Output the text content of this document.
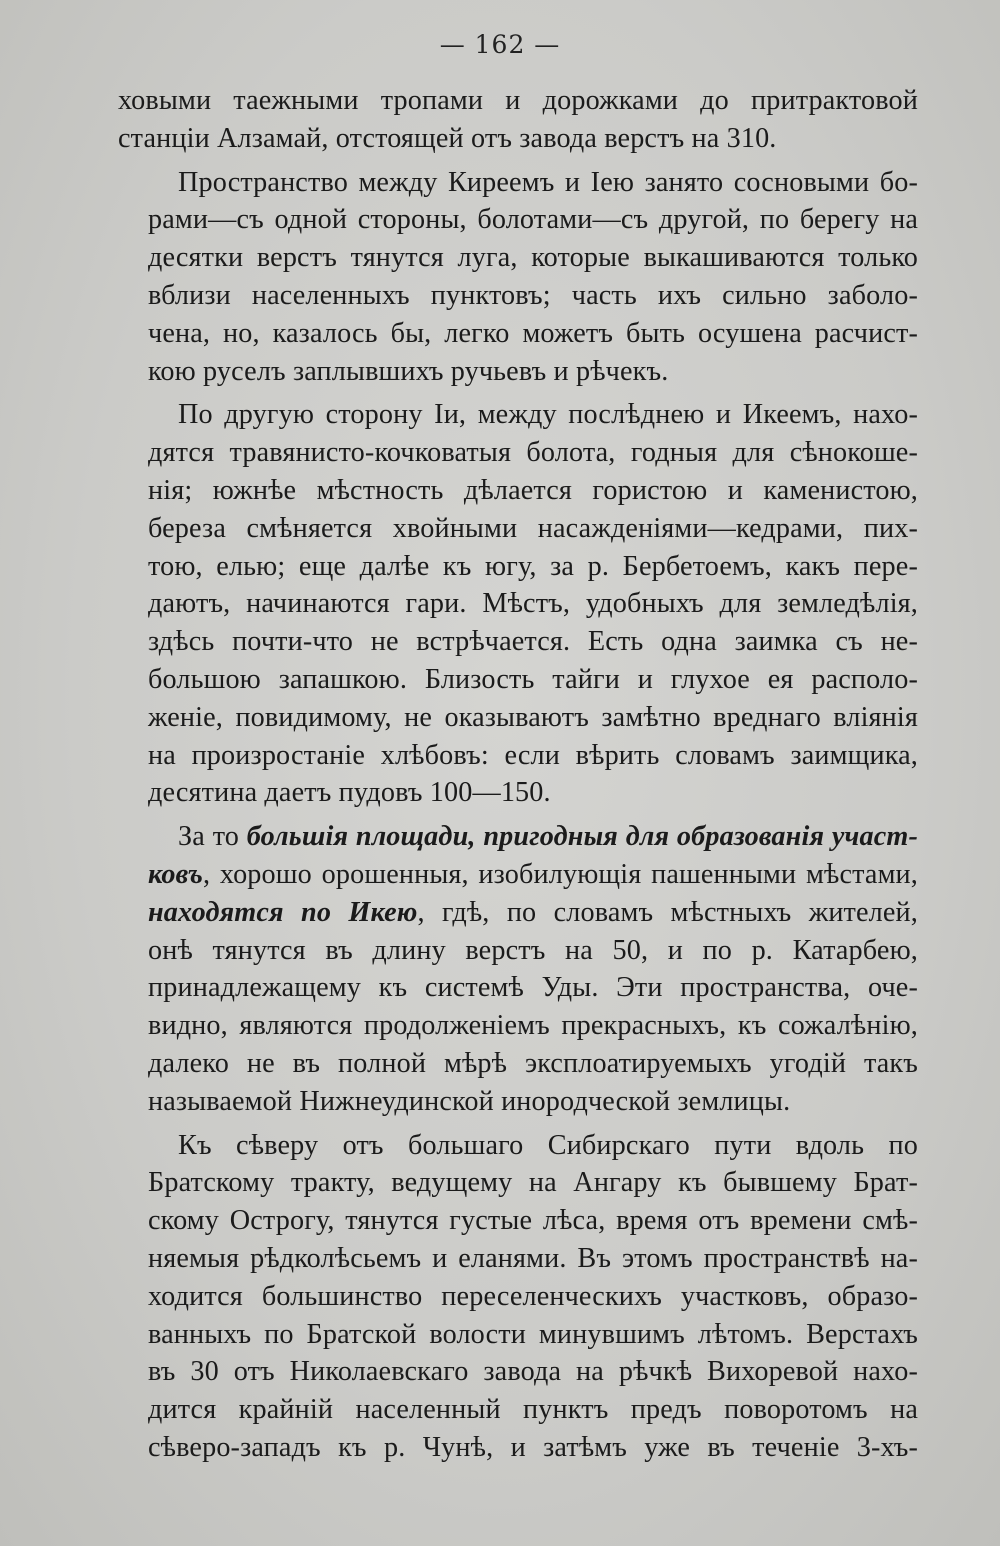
— 162 —

ховыми таежными тропами и дорожками до притрактовой
станціи Алзамай, отстоящей отъ завода верстъ на 310.

Пространство между Киреемъ и Іею занято сосновыми бо-
рами—съ одной стороны, болотами—съ другой, по берегу на
десятки верстъ тянутся луга, которые выкашиваются только
вблизи населенныхъ пунктовъ; часть ихъ сильно заболо-
чена, но, казалось бы, легко можетъ быть осушена расчист-
кою руселъ заплывшихъ ручьевъ и рѣчекъ.

По другую сторону Іи, между послѣднею и Икеемъ, нахо-
дятся травянисто-кочковатыя болота, годныя для сѣнокоше-
нія; южнѣе мѣстность дѣлается гористою и каменистою,
береза смѣняется хвойными насажденіями—кедрами, пих-
тою, елью; еще далѣе къ югу, за р. Бербетоемъ, какъ пере-
даютъ, начинаются гари. Мѣстъ, удобныхъ для земледѣлія,
здѣсь почти-что не встрѣчается. Есть одна заимка съ не-
большою запашкою. Близость тайги и глухое ея располо-
женіе, повидимому, не оказываютъ замѣтно вреднаго вліянія
на произростаніе хлѣбовъ: если вѣрить словамъ заимщика,
десятина даетъ пудовъ 100—150.

За то большія площади, пригодныя для образованія участ-
ковъ, хорошо орошенныя, изобилующія пашенными мѣстами,
находятся по Икею, гдѣ, по словамъ мѣстныхъ жителей,
онѣ тянутся въ длину верстъ на 50, и по р. Катарбею,
принадлежащему къ системѣ Уды. Эти пространства, оче-
видно, являются продолженіемъ прекрасныхъ, къ сожалѣнію,
далеко не въ полной мѣрѣ эксплоатируемыхъ угодій такъ
называемой Нижнеудинской инородческой землицы.

Къ сѣверу отъ большаго Сибирскаго пути вдоль по
Братскому тракту, ведущему на Ангару къ бывшему Брат-
скому Острогу, тянутся густые лѣса, время отъ времени смѣ-
няемыя рѣдколѣсьемъ и еланями. Въ этомъ пространствѣ на-
ходится большинство переселенческихъ участковъ, образо-
ванныхъ по Братской волости минувшимъ лѣтомъ. Верстахъ
въ 30 отъ Николаевскаго завода на рѣчкѣ Вихоревой нахо-
дится крайній населенный пунктъ предъ поворотомъ на
сѣверо-западъ къ р. Чунѣ, и затѣмъ уже въ теченіе 3-хъ-
